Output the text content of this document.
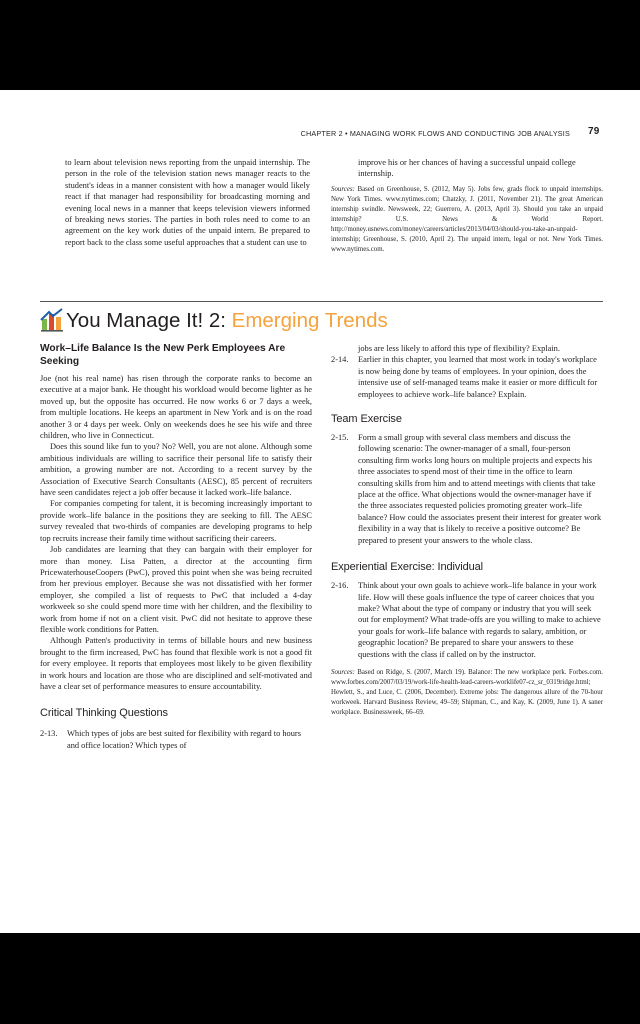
CHAPTER 2 • MANAGING WORK FLOWS AND CONDUCTING JOB ANALYSIS 79

to learn about television news reporting from the unpaid internship. The person in the role of the television station news manager reacts to the student's ideas in a manner consistent with how a manager would likely react if that manager had responsibility for broadcasting morning and evening local news in a manner that keeps television viewers informed of breaking news stories. The parties in both roles need to come to an agreement on the key work duties of the unpaid intern. Be prepared to report back to the class some useful approaches that a student can use to

improve his or her chances of having a successful unpaid college internship.

Sources: Based on Greenhouse, S. (2012, May 5). Jobs few, grads flock to unpaid internships. New York Times. www.nytimes.com; Chatzky, J. (2011, November 21). The great American internship swindle. Newsweek, 22; Guerrero, A. (2013, April 3). Should you take an unpaid internship? U.S. News & World Report. http://money.usnews.com/money/careers/articles/2013/04/03/should-you-take-an-unpaid-internship; Greenhouse, S. (2010, April 2). The unpaid intern, legal or not. New York Times. www.nytimes.com.

You Manage It! 2: Emerging Trends

Work–Life Balance Is the New Perk Employees Are Seeking

Joe (not his real name) has risen through the corporate ranks to become an executive at a major bank. He thought his workload would become lighter as he moved up, but the opposite has occurred. He now works 6 or 7 days a week, from multiple locations. He keeps an apartment in New York and is on the road another 3 or 4 days per week. Only on weekends does he see his wife and three children, who live in Connecticut.

Does this sound like fun to you? No? Well, you are not alone. Although some ambitious individuals are willing to sacrifice their personal life to satisfy their ambition, a growing number are not. According to a recent survey by the Association of Executive Search Consultants (AESC), 85 percent of recruiters have seen candidates reject a job offer because it lacked work–life balance.

For companies competing for talent, it is becoming increasingly important to provide work–life balance in the positions they are seeking to fill. The AESC survey revealed that two-thirds of companies are developing programs to help top recruits increase their family time without sacrificing their careers.

Job candidates are learning that they can bargain with their employer for more than money. Lisa Patten, a director at the accounting firm PricewaterhouseCoopers (PwC), proved this point when she was being recruited from her previous employer. Because she was not dissatisfied with her former employer, she compiled a list of requests to PwC that included a 4-day workweek so she could spend more time with her children, and the flexibility to work from home if not on a client visit. PwC did not hesitate to approve these flexible work conditions for Patten.

Although Patten's productivity in terms of billable hours and new business brought to the firm increased, PwC has found that flexible work is not a good fit for every employee. It reports that employees most likely to be given flexibility in work hours and location are those who are disciplined and self-motivated and have a clear set of performance measures to ensure accountability.

Critical Thinking Questions

2-13.	Which types of jobs are best suited for flexibility with regard to hours and office location? Which types of
jobs are less likely to afford this type of flexibility? Explain.
2-14.	Earlier in this chapter, you learned that most work in today's workplace is now being done by teams of employees. In your opinion, does the intensive use of self-managed teams make it easier or more difficult for employees to achieve work–life balance? Explain.

Team Exercise

2-15.	Form a small group with several class members and discuss the following scenario: The owner-manager of a small, four-person consulting firm works long hours on multiple projects and expects his three associates to spend most of their time in the office to learn consulting skills from him and to attend meetings with clients that take place at the office. What objections would the owner-manager have if the three associates requested policies promoting greater work–life balance? How could the associates present their interest for greater work flexibility in a way that is likely to receive a positive outcome? Be prepared to present your answers to the whole class.

Experiential Exercise: Individual

2-16.	Think about your own goals to achieve work–life balance in your work life. How will these goals influence the type of career choices that you make? What about the type of company or industry that you will seek out for employment? What trade-offs are you willing to make to achieve your goals for work–life balance with regards to salary, ambition, or geographic location? Be prepared to share your answers to these questions with the class if called on by the instructor.

Sources: Based on Ridge, S. (2007, March 19). Balance: The new workplace perk. Forbes.com. www.forbes.com/2007/03/19/work-life-health-lead-careers-worklife07-cz_sr_0319ridge.html; Hewlett, S., and Luce, C. (2006, December). Extreme jobs: The dangerous allure of the 70-hour workweek. Harvard Business Review, 49–59; Shipman, C., and Kay, K. (2009, June 1). A saner workplace. Businessweek, 66–69.
